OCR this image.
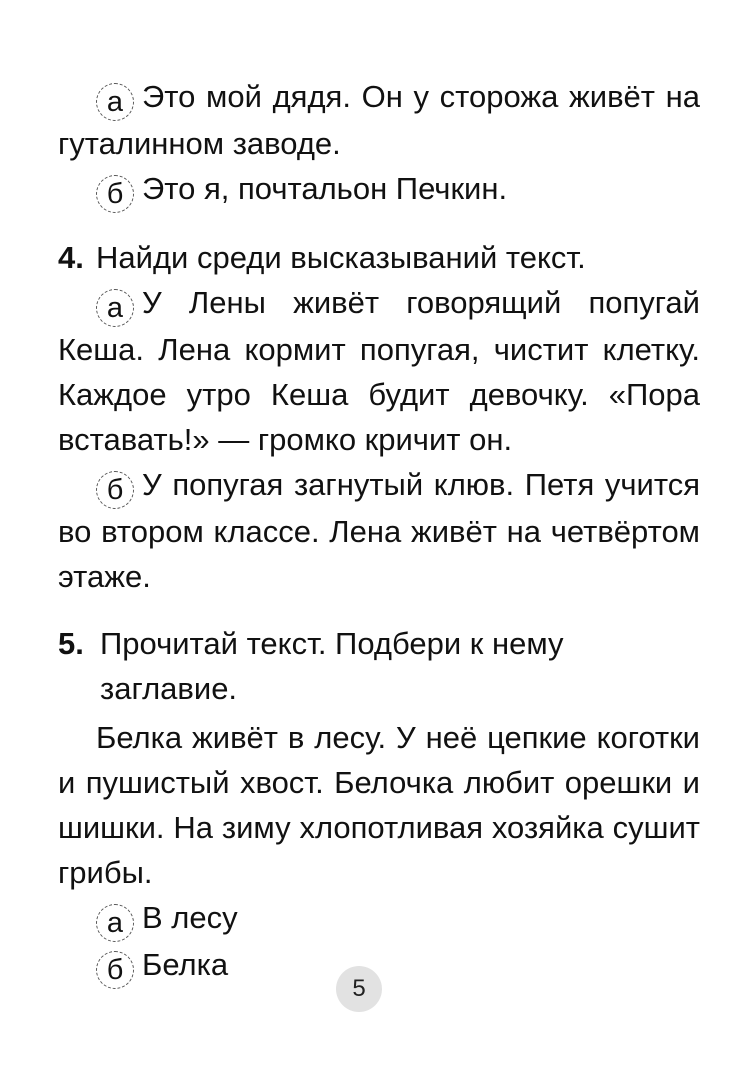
а Это мой дядя. Он у сторожа живёт на гуталинном заводе.

б Это я, почтальон Печкин.

4. Найди среди высказываний текст.

а У Лены живёт говорящий попугай Кеша. Лена кормит попугая, чистит клетку. Каждое утро Кеша будит девочку. «Пора вставать!» — громко кричит он.

б У попугая загнутый клюв. Петя учится во втором классе. Лена живёт на четвёртом этаже.

5. Прочитай текст. Подбери к нему заглавие.

Белка живёт в лесу. У неё цепкие коготки и пушистый хвост. Белочка любит орешки и шишки. На зиму хлопотливая хозяйка сушит грибы.

а В лесу

б Белка

5
